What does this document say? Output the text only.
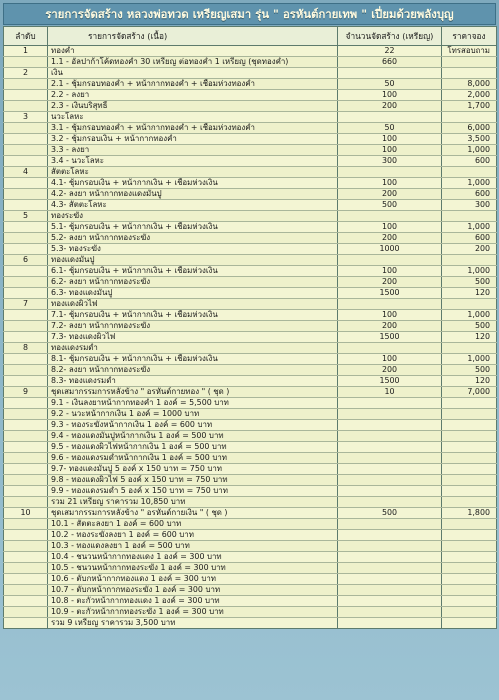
รายการจัดสร้าง หลวงพ่อทวด เหรียญเสมา รุ่น " อรหันต์กายเทพ " เปี่ยมด้วยพลังบุญ
ลำดับ	รายการจัดสร้าง (เนื้อ)	จำนวนจัดสร้าง (เหรียญ)	ราคาจอง
1	ทองคำ	22	โทรสอบถาม
	1.1 - อัลปาก้าโค้ดทองคำ 30 เหรียญ ต่อทองคำ 1 เหรียญ (ชุดทองคำ)	660	
2	เงิน		
	2.1 - ชุ้มกรอบทองคำ + หน้ากากทองคำ + เชื่อมห่วงทองคำ	50	8,000
	2.2 - ลงยา	100	2,000
	2.3 - เงินบริสุทธิ์	200	1,700
3	นวะโลหะ		
	3.1 - ชุ้มกรอบทองคำ + หน้ากากทองคำ + เชื่อมห่วงทองคำ	50	6,000
	3.2 - ชุ้มกรอบเงิน + หน้ากากทองคำ	100	3,500
	3.3 - ลงยา	100	1,000
	3.4 - นวะโลหะ	300	600
4	สัตตะโลหะ		
	4.1- ชุ้มกรอบเงิน + หน้ากากเงิน + เชื่อมห่วงเงิน	100	1,000
	4.2- ลงยา หน้ากากทองแดงมันปู	200	600
	4.3- สัตตะโลหะ	500	300
5	ทองระฆัง		
	5.1- ชุ้มกรอบเงิน + หน้ากากเงิน + เชื่อมห่วงเงิน	100	1,000
	5.2- ลงยา หน้ากากทองระฆัง	200	600
	5.3- ทองระฆัง	1000	200
6	ทองแดงมันปู		
	6.1- ชุ้มกรอบเงิน + หน้ากากเงิน + เชื่อมห่วงเงิน	100	1,000
	6.2- ลงยา หน้ากากทองระฆัง	200	500
	6.3- ทองแดงมันปู	1500	120
7	ทองแดงผิวไฟ		
	7.1- ชุ้มกรอบเงิน + หน้ากากเงิน + เชื่อมห่วงเงิน	100	1,000
	7.2- ลงยา หน้ากากทองระฆัง	200	500
	7.3- ทองแดงผิวไฟ	1500	120
8	ทองแดงรมดำ		
	8.1- ชุ้มกรอบเงิน + หน้ากากเงิน + เชื่อมห่วงเงิน	100	1,000
	8.2- ลงยา หน้ากากทองระฆัง	200	500
	8.3- ทองแดงรมดำ	1500	120
9	ชุดเสมากรรมการหลังข้าง " อรหันต์กายทอง " ( ชุด )	10	7,000
	9.1 - เงินลงยาหน้ากากทองคำ 1 องค์ = 5,500 บาท		
	9.2 - นวะหน้ากากเงิน 1 องค์ = 1000 บาท		
	9.3 - ทองระฆังหน้ากากเงิน 1 องค์ = 600 บาท		
	9.4 - ทองแดงมันปูหน้ากากเงิน 1 องค์ = 500 บาท		
	9.5 - ทองแดงผิวไฟหน้ากากเงิน 1 องค์ = 500 บาท		
	9.6 - ทองแดงรมดำหน้ากากเงิน 1 องค์ = 500 บาท		
	9.7- ทองแดงมันปู 5 องค์ x 150 บาท = 750 บาท		
	9.8 - ทองแดงผิวไฟ 5 องค์ x 150 บาท = 750 บาท		
	9.9 - ทองแดงรมดำ 5 องค์ x 150 บาท = 750 บาท		
	รวม 21 เหรียญ ราคารวม 10,850 บาท		
10	ชุดเสมากรรมการหลังข้าง " อรหันต์กายเงิน " ( ชุด )	500	1,800
	10.1 - สัตตะลงยา 1 องค์ = 600 บาท		
	10.2 - ทองระฆังลงยา 1 องค์ = 600 บาท		
	10.3 - ทองแดงลงยา 1 องค์ = 500 บาท		
	10.4 - ชนวนหน้ากากทองแดง 1 องค์ = 300 บาท		
	10.5 - ชนวนหน้ากากทองระฆัง 1 องค์ = 300 บาท		
	10.6 - ตับกหน้ากากทองแดง 1 องค์ = 300 บาท		
	10.7 - ตับกหน้ากากทองระฆัง 1 องค์ = 300 บาท		
	10.8 - ตะกั่วหน้ากากทองแดง 1 องค์ = 300 บาท		
	10.9 - ตะกั่วหน้ากากทองระฆัง 1 องค์ = 300 บาท		
	รวม 9 เหรียญ ราคารวม 3,500 บาท		
